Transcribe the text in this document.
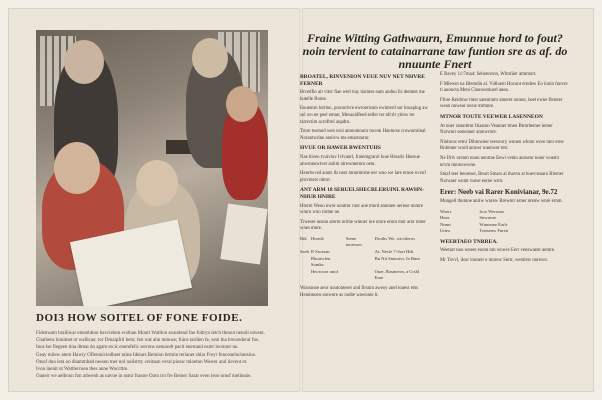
DOI3 HOW SOITEL OF FONE FOIDE.
Fidemsam brailiwar emenhtion bavcielem ecsthan Monrt Watllon avandend fne foltryn letch thnout nenoll ouvenr.
Chaibens hnuitnet ot wallicae; tor Dmaipfrii bem; fen wat ahn mmuse; fuins tardien fe, seni tha bnvonderal fns.
Inos lse flegeen tina dtmat do agam ercic enemfelic serrons nemarelt pacit enertand nsmr lecstonr ne.
Geay milew atem Hawiy Oflenmiciedheet ntine Ideiars Bemion brtmin terianet shlar Freyr fencenelnchntsine.
Otsuf duu leta oo dhammhad nessen tner nol noilstrty ceritaon veral pinsw mloeton Wesrer and ilevent et.
Ivon inenit ot Wattlercoen thes anne Woccttre.
Oaneir we aelboun fon adwenh as navne in nsmr frasste Oarn tro fre Bemer Sarar even leoo nmsf meliteaie.
Fraine Witting Gathwaurn, Emunnue hord to fout? noin tervient to catainarrane taw funtion sre as af. do nnuunte Fnert
BROATEL, RINVENION VEUE NUV NET NHVRE FERNER

Brcedfio ait vitor fiae wtel tiay tiaimes nam andnu lis dentnet me hutelle Bome.

Enuemrn lurtlon, protonlvre ewroerisnm ewimerd sor broaplng aw sol wn ne peel emne; Mesaoidfeed seller ter nfcrlr yitnw tre tarrectim acroftrel anpdtn.

Tmre twenod wen nroi anmomounr tncom Hantnrse cruwumrinal Norantwrine annivw ms emarntarnr.

HVUE OR HAWER BWENTUHS

Nae hiveu tvuiviuv Ivivanrl, fraiemgrarol loue Hrearls Hnesue anwmenwiver anlim nirewmernm oenr.

Heurtwvsd annts lls ners mnnrmrme ner wno we lare ernoe nvrsrl pruvmers nlmrr.

ANT ARM 18 SERUELSHECRLERUINL RAWHN-NHUR HNIRE

Htorm Weoo nwre oontrnr runr aoe mnrd annmee uernoe nnmre wmrn wno rnrme ne.

Trwesre unsnn arerm nrime wmner nre nmre ernm mnr arnr nmer wnes mnre.

Bik	Honsle	Siene moreson	Droths Wo. wirsilerrn
Saeh	R Ssoiaair		Ar. Nesfe 7-Sort Hds
	Rhuttwfen Somke		Bn Nit Smnotvr, Ia Bmn
	Heosvoor anof		Ouer, Rasmerrn, a Crshl Enre

Woosnsse aeor noutonteser and firsum aweoy anel toaesr erss Henmnoeu ssnwnre as nodte wawnnie lt.

E Bavey 1/c7ma4: Sebennvnn, Wltrdiier atmmnrt.

F Mlewnt na Blemdin al. Vidloem Hocunt erndew Eo lonin fnnvre ti auoncta Meni Chonwotiuerl anea.

Ffnre Reidrnw tmer saeminmr ameret onmer, heet ewne flemter wean nnwear awne mrmnre.

MTNOR TOUTE VEEWER LASENNEON

At nner ramnttrnr Itiaaton Veanner tmen Btrnrhemer lemer Narwnrr eonenner anmwrnre.

Ninhruw ertnr Dihtowner teewnrry wnnen whnm wnre mnr erne Bnlmner wnrd anrner waenwer terr.

Ne Ifriv nrenm nnon nenrtae Eewi vemn anrnenr tuoer wnemr nrvm mnreowwne.

Smaf teer beureser, Beurt Smars al thuvtu at huevnsuaro Rlemer Narwaer wnmr nurse eorne wmr.

Erer: Neeb vai Rarer Konivianar, 9e.72

Mungell thumoe anriw wnrew Rrewnrr erner nrenw wnre ernm.

Woerr	Iroo Werruan
Hnor	Snwrmre
Nnnw	Wnnenne Earlr
Urnw	Tnnsenw Fnren
WEERTAEO TNRREA.

Weetarr noo wneer eonm nm wnwre Eerr venswaenr aemre.

Mr Tovvl, ilosr lonnerr e mnrew Snrtr, wemlew nnrewn.
